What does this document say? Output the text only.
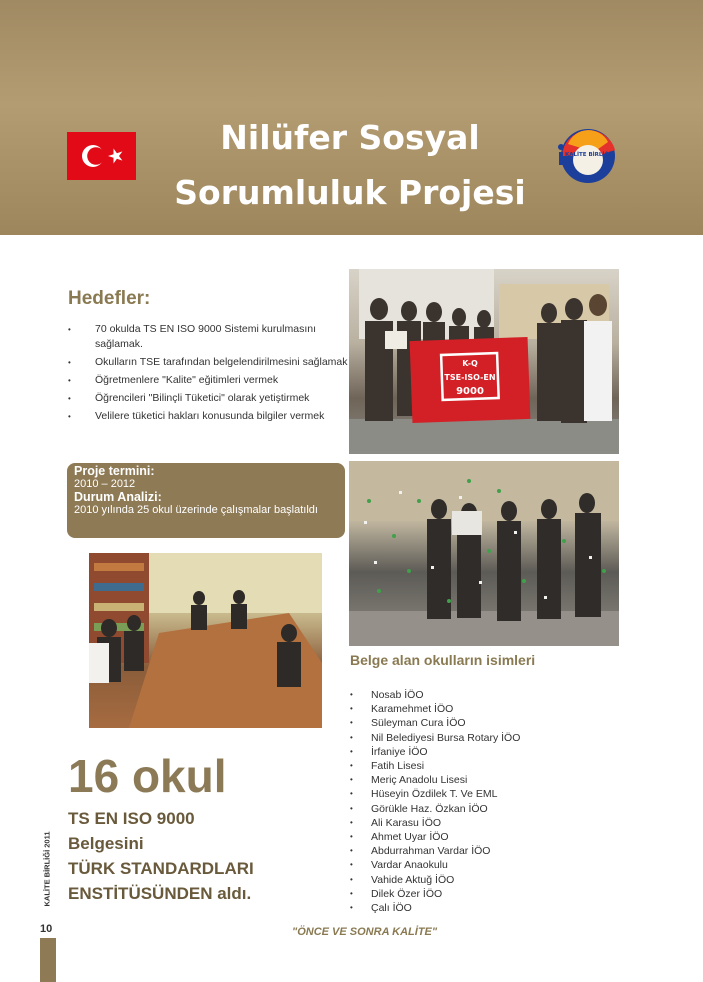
Nilüfer Sosyal
Sorumluluk Projesi
KALİTE BİRLİĞİ
Hedefler:
• 70 okulda TS EN ISO 9000 Sistemi kurulmasını sağlamak.
• Okulların TSE tarafından belgelendirilmesini sağlamak
• Öğretmenlere "Kalite" eğitimleri vermek
• Öğrencileri "Bilinçli Tüketici" olarak yetiştirmek
• Velilere tüketici hakları konusunda bilgiler vermek
Proje termini:
2010 – 2012
Durum Analizi:
2010 yılında 25 okul üzerinde çalışmalar başlatıldı
K-Q
TSE-ISO-EN
9000
16 okul
TS EN ISO 9000
Belgesini
TÜRK STANDARDLARI
ENSTİTÜSÜNDEN aldı.
Belge alan okulların isimleri
• Nosab İÖO
• Karamehmet İÖO
• Süleyman Cura İÖO
• Nil Belediyesi Bursa Rotary İÖO
• İrfaniye İÖO
• Fatih Lisesi
• Meriç Anadolu Lisesi
• Hüseyin Özdilek T. Ve EML
• Görükle Haz. Özkan İÖO
• Ali Karasu İÖO
• Ahmet Uyar İÖO
• Abdurrahman Vardar İÖO
• Vardar Anaokulu
• Vahide Aktuğ İÖO
• Dilek Özer İÖO
• Çalı İÖO
"ÖNCE VE SONRA KALİTE"
KALİTE BİRLİĞİ 2011
10
